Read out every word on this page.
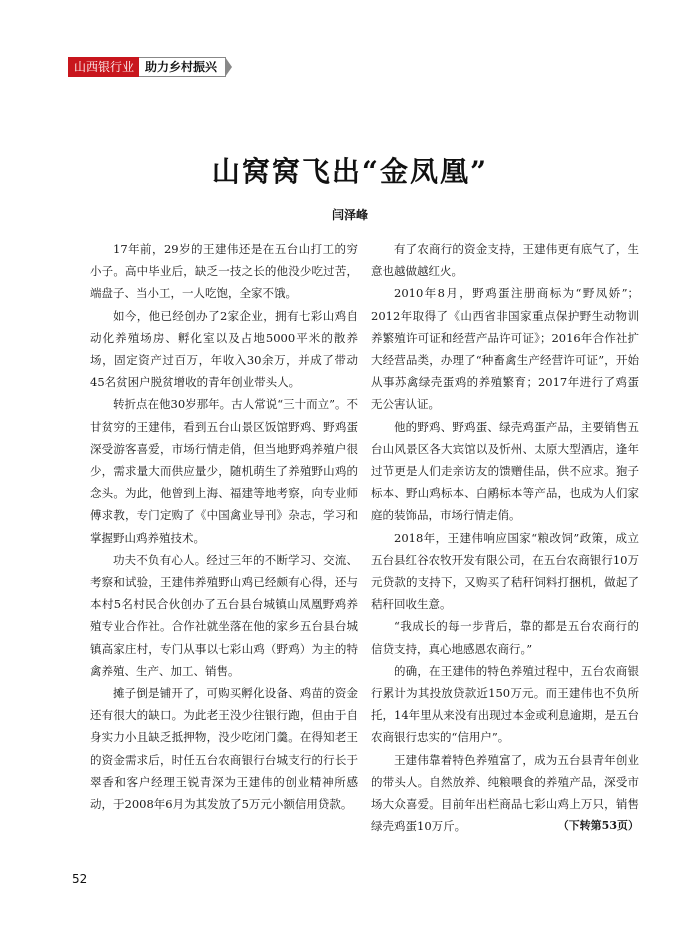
山西银行业 助力乡村振兴
山窝窝飞出“金凤凰”
闫泽峰

17年前，29岁的王建伟还是在五台山打工的穷小子。高中毕业后，缺乏一技之长的他没少吃过苦，端盘子、当小工，一人吃饱，全家不饿。

如今，他已经创办了2家企业，拥有七彩山鸡自动化养殖场房、孵化室以及占地5000平米的散养场，固定资产过百万，年收入30余万，并成了带动45名贫困户脱贫增收的青年创业带头人。

转折点在他30岁那年。古人常说“三十而立”。不甘贫穷的王建伟，看到五台山景区饭馆野鸡、野鸡蛋深受游客喜爱，市场行情走俏，但当地野鸡养殖户很少，需求量大而供应量少，随机萌生了养殖野山鸡的念头。为此，他曾到上海、福建等地考察，向专业师傅求教，专门定购了《中国禽业导刊》杂志，学习和掌握野山鸡养殖技术。

功夫不负有心人。经过三年的不断学习、交流、考察和试验，王建伟养殖野山鸡已经颇有心得，还与本村5名村民合伙创办了五台县台城镇山凤凰野鸡养殖专业合作社。合作社就坐落在他的家乡五台县台城镇高家庄村，专门从事以七彩山鸡（野鸡）为主的特禽养殖、生产、加工、销售。

摊子倒是铺开了，可购买孵化设备、鸡苗的资金还有很大的缺口。为此老王没少往银行跑，但由于自身实力小且缺乏抵押物，没少吃闭门羹。在得知老王的资金需求后，时任五台农商银行台城支行的行长于翠香和客户经理王锐青深为王建伟的创业精神所感动，于2008年6月为其发放了5万元小额信用贷款。

有了农商行的资金支持，王建伟更有底气了，生意也越做越红火。

2010年8月，野鸡蛋注册商标为“野凤娇”；2012年取得了《山西省非国家重点保护野生动物训养繁殖许可证和经营产品许可证》；2016年合作社扩大经营品类，办理了“种畜禽生产经营许可证”，开始从事苏禽绿壳蛋鸡的养殖繁育；2017年进行了鸡蛋无公害认证。

他的野鸡、野鸡蛋、绿壳鸡蛋产品，主要销售五台山风景区各大宾馆以及忻州、太原大型酒店，逢年过节更是人们走亲访友的馈赠佳品，供不应求。狍子标本、野山鸡标本、白鹇标本等产品，也成为人们家庭的装饰品，市场行情走俏。

2018年，王建伟响应国家“粮改饲”政策，成立五台县红谷农牧开发有限公司，在五台农商银行10万元贷款的支持下，又购买了秸秆饲料打捆机，做起了秸秆回收生意。

“我成长的每一步背后，靠的都是五台农商行的信贷支持，真心地感恩农商行。”

的确，在王建伟的特色养殖过程中，五台农商银行累计为其投放贷款近150万元。而王建伟也不负所托，14年里从来没有出现过本金或利息逾期，是五台农商银行忠实的“信用户”。

王建伟靠着特色养殖富了，成为五台县青年创业的带头人。自然放养、纯粮喂食的养殖产品，深受市场大众喜爱。目前年出栏商品七彩山鸡上万只，销售绿壳鸡蛋10万斤。	（下转第53页）

52
